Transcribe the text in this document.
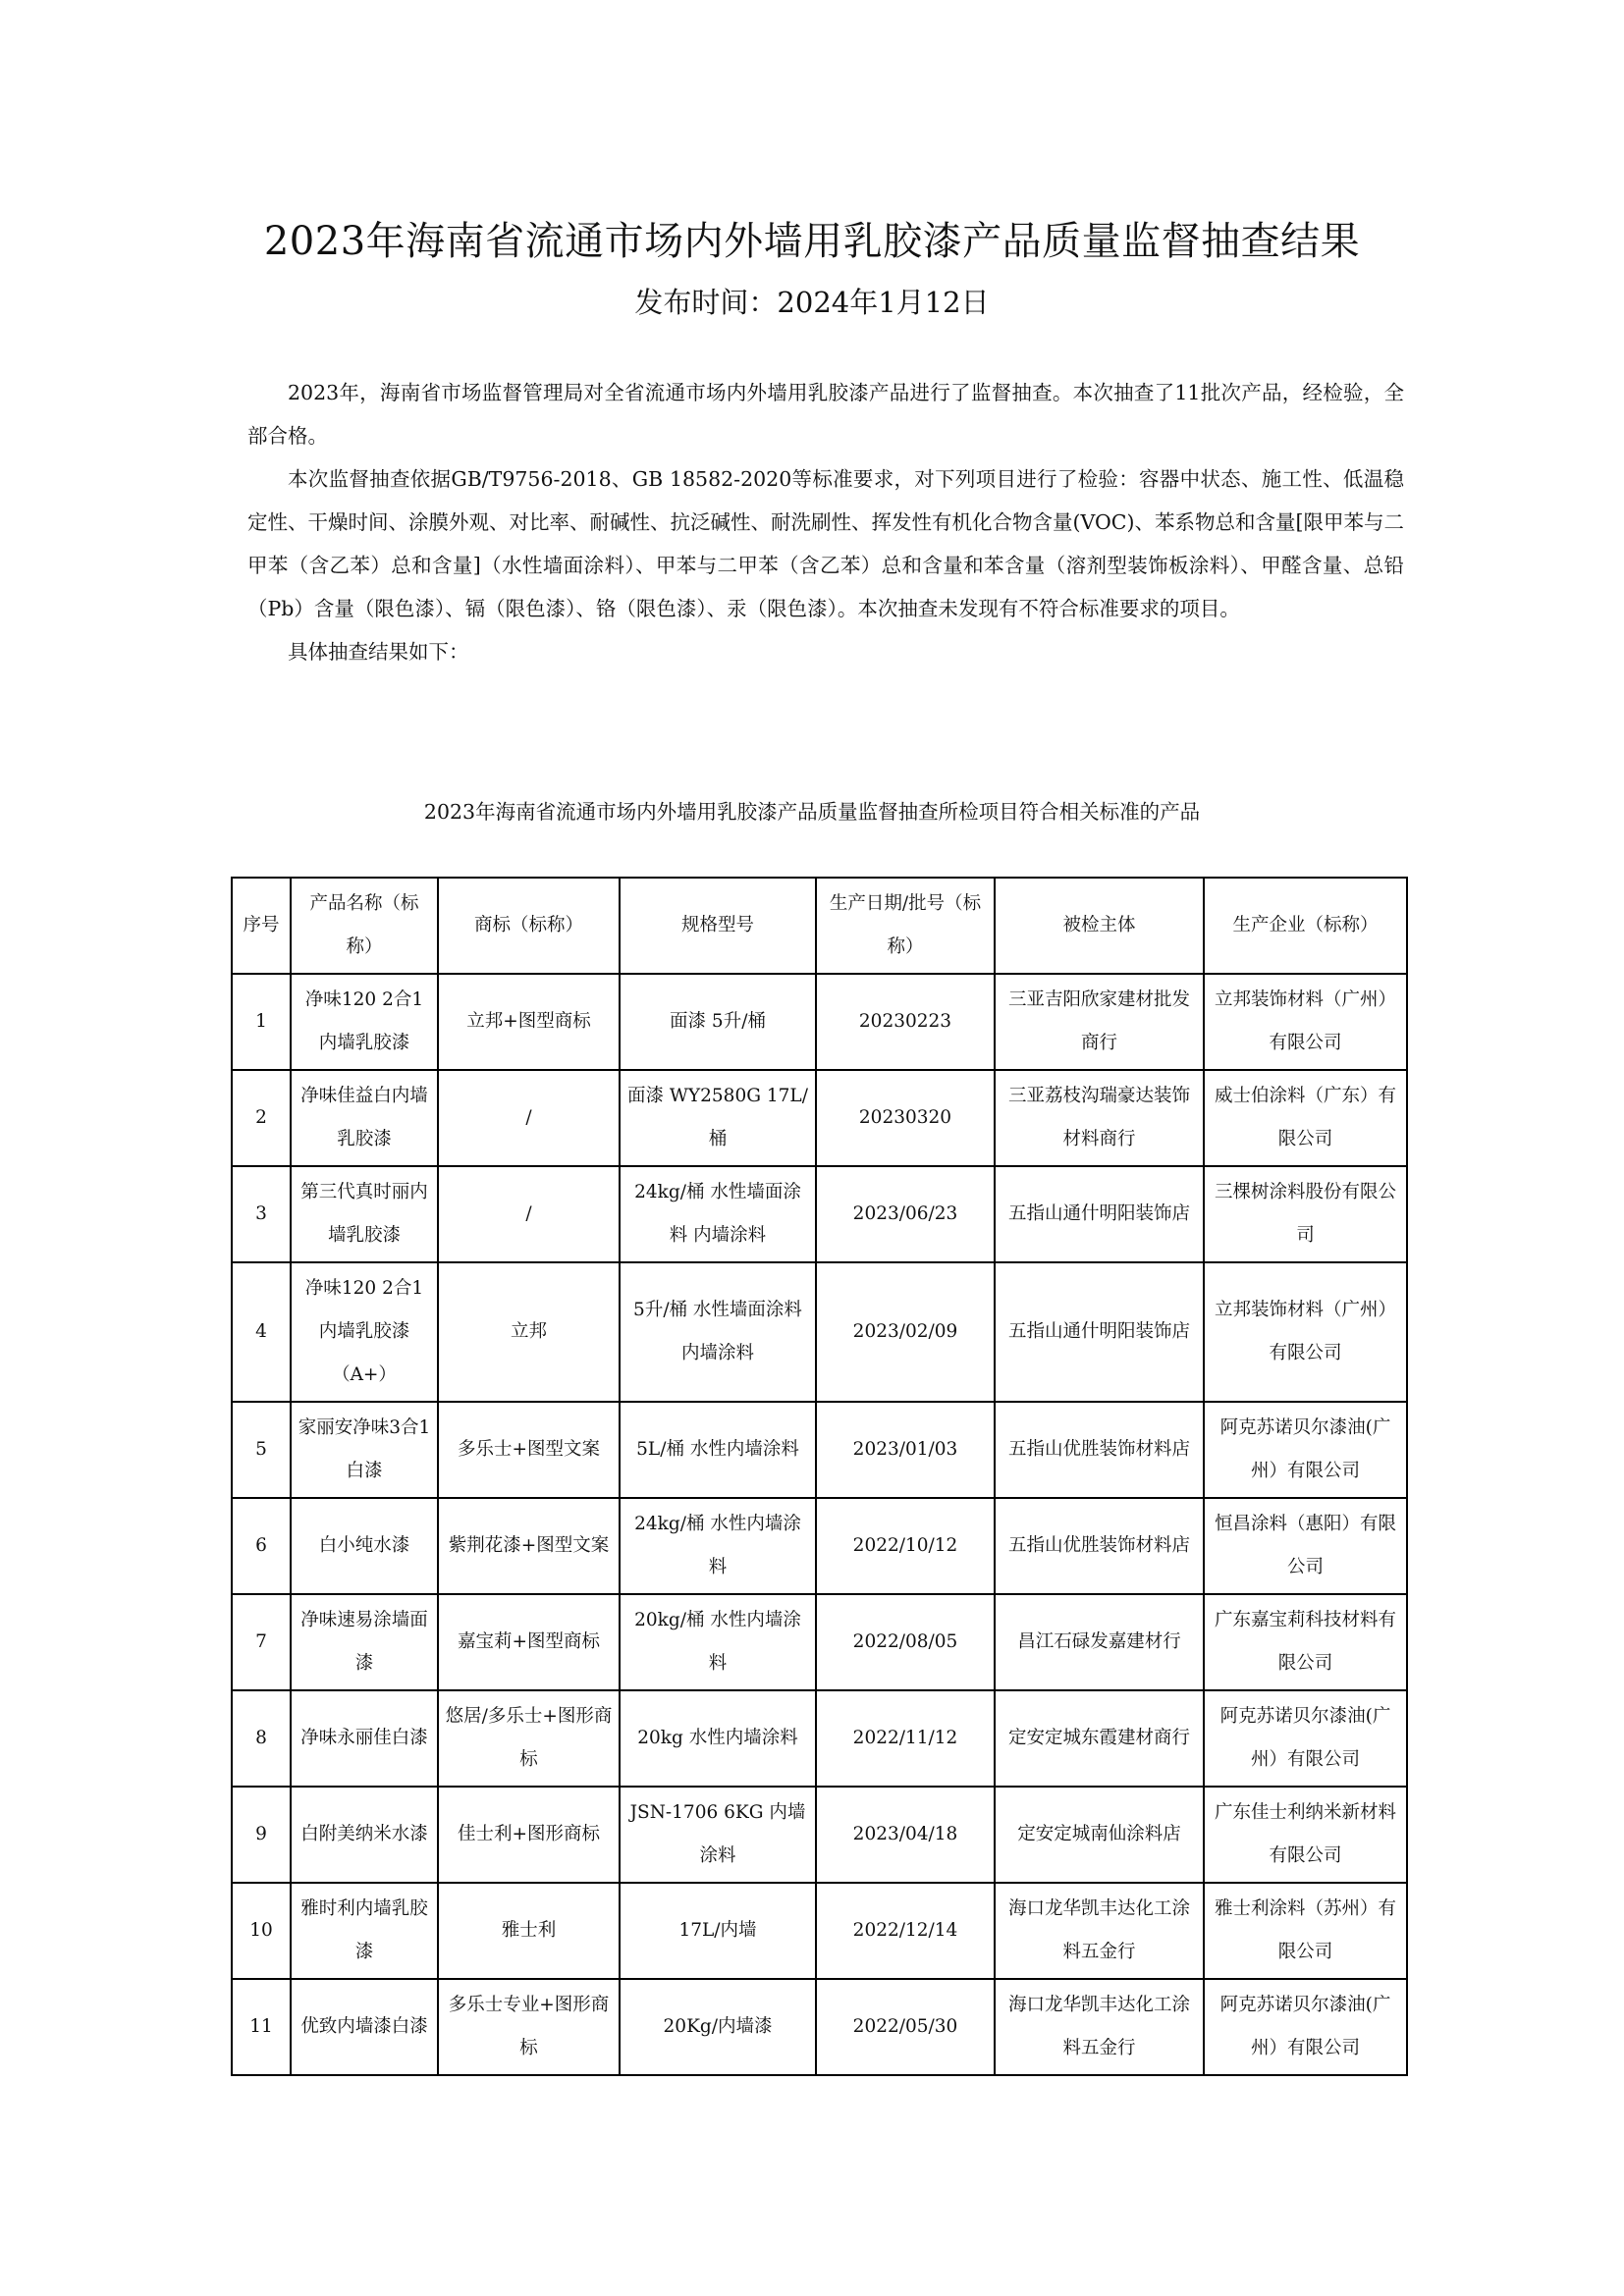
2023年海南省流通市场内外墙用乳胶漆产品质量监督抽查结果
发布时间：2024年1月12日

2023年，海南省市场监督管理局对全省流通市场内外墙用乳胶漆产品进行了监督抽查。本次抽查了11批次产品，经检验，全部合格。

本次监督抽查依据GB/T9756-2018、GB 18582-2020等标准要求，对下列项目进行了检验：容器中状态、施工性、低温稳定性、干燥时间、涂膜外观、对比率、耐碱性、抗泛碱性、耐洗刷性、挥发性有机化合物含量(VOC)、苯系物总和含量[限甲苯与二甲苯（含乙苯）总和含量]（水性墙面涂料）、甲苯与二甲苯（含乙苯）总和含量和苯含量（溶剂型装饰板涂料）、甲醛含量、总铅（Pb）含量（限色漆）、镉（限色漆）、铬（限色漆）、汞（限色漆）。本次抽查未发现有不符合标准要求的项目。

具体抽查结果如下：

2023年海南省流通市场内外墙用乳胶漆产品质量监督抽查所检项目符合相关标准的产品
序号	产品名称（标称）	商标（标称）	规格型号	生产日期/批号（标称）	被检主体	生产企业（标称）
1	净味120 2合1内墙乳胶漆	立邦+图型商标	面漆 5升/桶	20230223	三亚吉阳欣家建材批发商行	立邦装饰材料（广州）有限公司
2	净味佳益白内墙乳胶漆	/	面漆 WY2580G 17L/桶	20230320	三亚荔枝沟瑞豪达装饰材料商行	威士伯涂料（广东）有限公司
3	第三代真时丽内墙乳胶漆	/	24kg/桶 水性墙面涂料 内墙涂料	2023/06/23	五指山通什明阳装饰店	三棵树涂料股份有限公司
4	净味120 2合1内墙乳胶漆（A+）	立邦	5升/桶 水性墙面涂料 内墙涂料	2023/02/09	五指山通什明阳装饰店	立邦装饰材料（广州）有限公司
5	家丽安净味3合1白漆	多乐士+图型文案	5L/桶 水性内墙涂料	2023/01/03	五指山优胜装饰材料店	阿克苏诺贝尔漆油(广州）有限公司
6	白小纯水漆	紫荆花漆+图型文案	24kg/桶 水性内墙涂料	2022/10/12	五指山优胜装饰材料店	恒昌涂料（惠阳）有限公司
7	净味速易涂墙面漆	嘉宝莉+图型商标	20kg/桶 水性内墙涂料	2022/08/05	昌江石碌发嘉建材行	广东嘉宝莉科技材料有限公司
8	净味永丽佳白漆	悠居/多乐士+图形商标	20kg 水性内墙涂料	2022/11/12	定安定城东霞建材商行	阿克苏诺贝尔漆油(广州）有限公司
9	白附美纳米水漆	佳士利+图形商标	JSN-1706 6KG 内墙涂料	2023/04/18	定安定城南仙涂料店	广东佳士利纳米新材料有限公司
10	雅时利内墙乳胶漆	雅士利	17L/内墙	2022/12/14	海口龙华凯丰达化工涂料五金行	雅士利涂料（苏州）有限公司
11	优致内墙漆白漆	多乐士专业+图形商标	20Kg/内墙漆	2022/05/30	海口龙华凯丰达化工涂料五金行	阿克苏诺贝尔漆油(广州）有限公司
